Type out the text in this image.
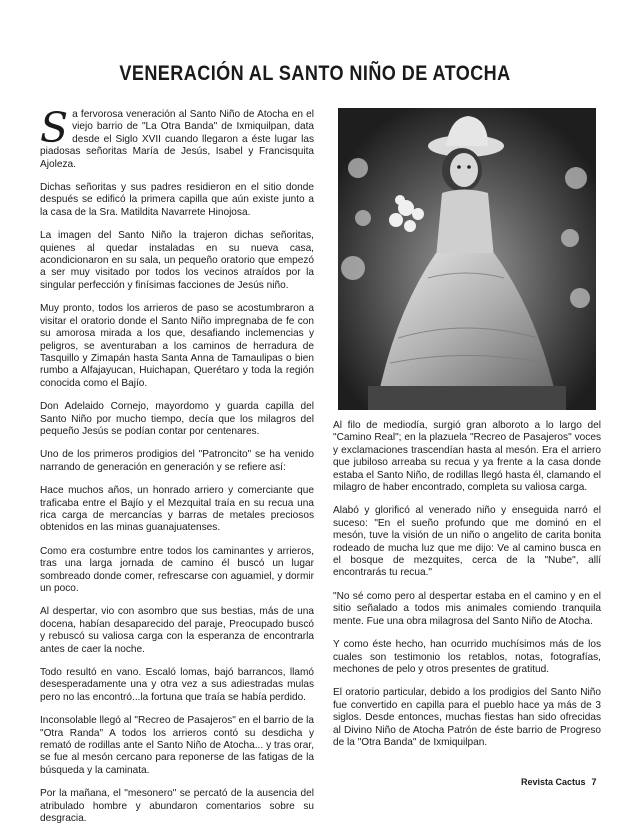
VENERACIÓN AL SANTO NIÑO DE ATOCHA

Sa fervorosa veneración al Santo Niño de Atocha en el viejo barrio de "La Otra Banda" de Ixmiquilpan, data desde el Siglo XVII cuando llegaron a éste lugar las piadosas señoritas María de Jesús, Isabel y Francisquita Ajoleza.

Dichas señoritas y sus padres residieron en el sitio donde después se edificó la primera capilla que aún existe junto a la casa de la Sra. Matildita Navarrete Hinojosa.

La imagen del Santo Niño la trajeron dichas señoritas, quienes al quedar instaladas en su nueva casa, acondicionaron en su sala, un pequeño oratorio que empezó a ser muy visitado por todos los vecinos atraídos por la singular perfección y finísimas facciones de Jesús niño.

Muy pronto, todos los arrieros de paso se acostumbraron a visitar el oratorio donde el Santo Niño impregnaba de fe con su amorosa mirada a los que, desafiando inclemencias y peligros, se aventuraban a los caminos de herradura de Tasquillo y Zimapán hasta Santa Anna de Tamaulipas o bien rumbo a Alfajayucan, Huichapan, Querétaro y toda la región conocida como el Bajío.

Don Adelaido Cornejo, mayordomo y guarda capilla del Santo Niño por mucho tiempo, decía que los milagros del pequeño Jesús se podían contar por centenares.

Uno de los primeros prodigios del "Patroncito" se ha venido narrando de generación en generación y se refiere así:

Hace muchos años, un honrado arriero y comerciante que traficaba entre el Bajío y el Mezquital traía en su recua una rica carga de mercancías y barras de metales preciosos obtenidos en las minas guanajuatenses.

Como era costumbre entre todos los caminantes y arrieros, tras una larga jornada de camino él buscó un lugar sombreado donde comer, refrescarse con aguamiel, y dormir un poco.

Al despertar, vio con asombro que sus bestias, más de una docena, habían desaparecido del paraje, Preocupado buscó y rebuscó su valiosa carga con la esperanza de encontrarla antes de caer la noche.

Todo resultó en vano. Escaló lomas, bajó barrancos, llamó desesperadamente una y otra vez a sus adiestradas mulas pero no las encontró...la fortuna que traía se había perdido.

Inconsolable llegó al "Recreo de Pasajeros" en el barrio de la "Otra Randa" A todos los arrieros contó su desdicha y remató de rodillas ante el Santo Niño de Atocha... y tras orar, se fue al mesón cercano para reponerse de las fatigas de la búsqueda y la caminata.

Por la mañana, el "mesonero" se percató de la ausencia del atribulado hombre y abundaron comentarios sobre su desgracia.

Al filo de mediodía, surgió gran alboroto a lo largo del "Camino Real"; en la plazuela "Recreo de Pasajeros" voces y exclamaciones trascendían hasta al mesón. Era el arriero que jubiloso arreaba su recua y ya frente a la casa donde estaba el Santo Niño, de rodillas llegó hasta él, clamando el milagro de haber encontrado, completa su valiosa carga.

Alabó y glorificó al venerado niño y enseguida narró el suceso: "En el sueño profundo que me dominó en el mesón, tuve la visión de un niño o angelito de carita bonita rodeado de mucha luz que me dijo: Ve al camino busca en el bosque de mezquites, cerca de la "Nube", allí encontrarás tu recua."

"No sé como pero al despertar estaba en el camino y en el sitio señalado a todos mis animales comiendo tranquila mente. Fue una obra milagrosa del Santo Niño de Atocha.

Y como éste hecho, han ocurrido muchísimos más de los cuales son testimonio los retablos, notas, fotografías, mechones de pelo y otros presentes de gratitud.

El oratorio particular, debido a los prodigios del Santo Niño fue convertido en capilla para el pueblo hace ya más de 3 siglos. Desde entonces, muchas fiestas han sido ofrecidas al Divino Niño de Atocha Patrón de éste barrio de Progreso de la "Otra Banda" de Ixmiquilpan.

Revista Cactus 7
